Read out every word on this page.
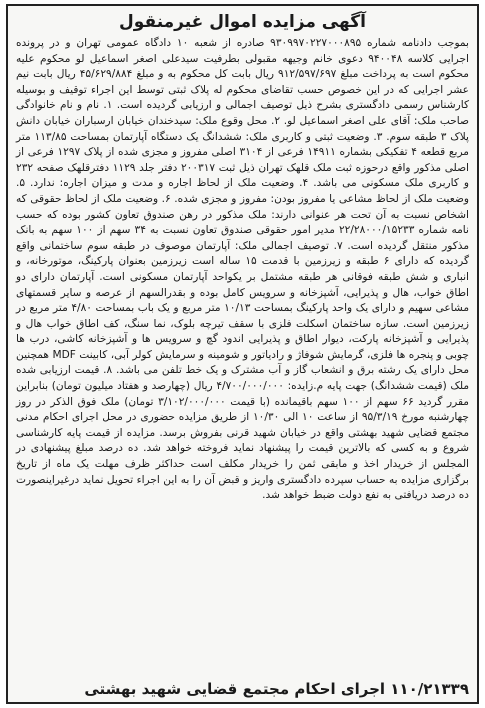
آگهی مزایده اموال غیرمنقول

بموجب دادنامه شماره ۹۳۰۹۹۷۰۲۲۷۰۰۰۸۹۵ صادره از شعبه ۱۰ دادگاه عمومی تهران و در پرونده اجرایی کلاسه ۹۴۰۰۴۸ دعوی خانم وجیهه مقبولی بطرفیت سیدعلی اصغر اسماعیل لو محکوم علیه محکوم است به پرداخت مبلغ ۹۱۲/۵۹۷/۶۹۷ ریال بابت کل محکوم به و مبلغ ۴۵/۶۲۹/۸۸۴ ریال بابت نیم عشر اجرایی که در این خصوص حسب تقاضای محکوم له پلاک ثبتی توسط این اجراء توقیف و بوسیله کارشناس رسمی دادگستری بشرح ذیل توصیف اجمالی و ارزیابی گردیده است. ۱. نام و نام خانوادگی صاحب ملک: آقای علی اصغر اسماعیل لو. ۲. محل وقوع ملک: سیدخندان خیابان ارسباران خیابان دانش پلاک ۳ طبقه سوم. ۳. وضعیت ثبتی و کاربری ملک: ششدانگ یک دستگاه آپارتمان بمساحت ۱۱۳/۸۵ متر مربع قطعه ۴ تفکیکی بشماره ۱۴۹۱۱ فرعی از ۳۱۰۴ اصلی مفروز و مجزی شده از پلاک ۱۲۹۷ فرعی از اصلی مذکور واقع درحوزه ثبت ملک قلهک تهران ذیل ثبت ۲۰۰۳۱۷ دفتر جلد ۱۱۲۹ دفترقلهک صفحه ۲۳۲ و کاربری ملک مسکونی می باشد. ۴. وضعیت ملک از لحاظ اجاره و مدت و میزان اجاره: ندارد. ۵. وضعیت ملک از لحاظ مشاعی یا مفروز بودن: مفروز و مجزی شده. ۶. وضعیت ملک از لحاظ حقوقی که اشخاص نسبت به آن تحت هر عنوانی دارند: ملک مذکور در رهن صندوق تعاون کشور بوده که حسب نامه شماره ۲۲/۲۸۰۰۰/۱۵۲۳۳ مدیر امور حقوقی صندوق تعاون نسبت به ۳۴ سهم از ۱۰۰ سهم به بانک مذکور منتقل گردیده است. ۷. توصیف اجمالی ملک: آپارتمان موصوف در طبقه سوم ساختمانی واقع گردیده که دارای ۶ طبقه و زیرزمین با قدمت ۱۵ ساله است زیرزمین بعنوان پارکینگ، موتورخانه، و انباری و شش طبقه فوقانی هر طبقه مشتمل بر یکواحد آپارتمان مسکونی است. آپارتمان دارای دو اطاق خواب، هال و پذیرایی، آشپزخانه و سرویس کامل بوده و بقدرالسهم از عرصه و سایر قسمتهای مشاعی سهیم و دارای یک واحد پارکینگ بمساحت ۱۰/۱۳ متر مربع و یک باب بمساحت ۴/۸۰ متر مربع در زیرزمین است. سازه ساختمان اسکلت فلزی با سقف تیرچه بلوک، نما سنگ، کف اطاق خواب هال و پذیرایی و آشپزخانه پارکت، دیوار اطاق و پذیرایی اندود گچ و سرویس ها و آشپزخانه کاشی، درب ها چوبی و پنجره ها فلزی، گرمایش شوفاژ و رادیاتور و شومینه و سرمایش کولر آبی، کابینت MDF همچنین محل دارای یک رشته برق و انشعاب گاز و آب مشترک و یک خط تلفن می باشد. ۸. قیمت ارزیابی شده ملک (قیمت ششدانگ) جهت پایه م.زایده: ۴/۷۰۰/۰۰۰/۰۰۰ ریال (چهارصد و هفتاد میلیون تومان) بنابراین مقرر گردید ۶۶ سهم از ۱۰۰ سهم باقیمانده (با قیمت ۳/۱۰۲/۰۰۰/۰۰۰ تومان) ملک فوق الذکر در روز چهارشنبه مورخ ۹۵/۳/۱۹ از ساعت ۱۰ الی ۱۰/۳۰ از طریق مزایده حضوری در محل اجرای احکام مدنی مجتمع قضایی شهید بهشتی واقع در خیابان شهید قرنی بفروش برسد. مزایده از قیمت پایه کارشناسی شروع و به کسی که بالاترین قیمت را پیشنهاد نماید فروخته خواهد شد. ده درصد مبلغ پیشنهادی در المجلس از خریدار اخذ و مابقی ثمن را خریدار مکلف است حداکثر ظرف مهلت یک ماه از تاریخ برگزاری مزایده به حساب سپرده دادگستری واریز و قبض آن را به این اجراء تحویل نماید درغیراینصورت ده درصد دریافتی به نفع دولت ضبط خواهد شد.

۱۱۰/۲۱۳۳۹ اجرای احکام مجتمع قضایی شهید بهشتی
